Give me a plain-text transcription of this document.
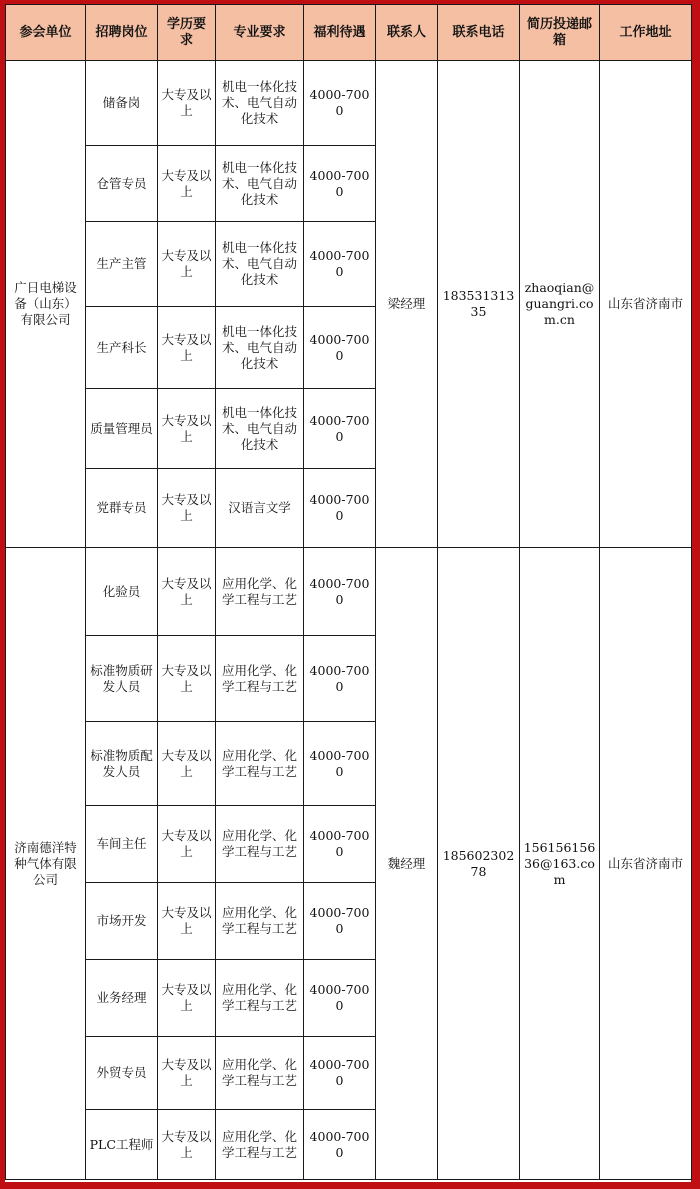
参会单位	招聘岗位	学历要求	专业要求	福利待遇	联系人	联系电话	简历投递邮箱	工作地址
广日电梯设备（山东）有限公司	储备岗	大专及以上	机电一体化技术、电气自动化技术	4000-7000	梁经理	18353131335	zhaoqian@guangri.com.cn	山东省济南市
	仓管专员	大专及以上	机电一体化技术、电气自动化技术	4000-7000				
	生产主管	大专及以上	机电一体化技术、电气自动化技术	4000-7000				
	生产科长	大专及以上	机电一体化技术、电气自动化技术	4000-7000				
	质量管理员	大专及以上	机电一体化技术、电气自动化技术	4000-7000				
	党群专员	大专及以上	汉语言文学	4000-7000				
济南德洋特种气体有限公司	化验员	大专及以上	应用化学、化学工程与工艺	4000-7000	魏经理	18560230278	15615615636@163.com	山东省济南市
	标准物质研发人员	大专及以上	应用化学、化学工程与工艺	4000-7000				
	标准物质配发人员	大专及以上	应用化学、化学工程与工艺	4000-7000				
	车间主任	大专及以上	应用化学、化学工程与工艺	4000-7000				
	市场开发	大专及以上	应用化学、化学工程与工艺	4000-7000				
	业务经理	大专及以上	应用化学、化学工程与工艺	4000-7000				
	外贸专员	大专及以上	应用化学、化学工程与工艺	4000-7000				
	PLC工程师	大专及以上	应用化学、化学工程与工艺	4000-7000				
